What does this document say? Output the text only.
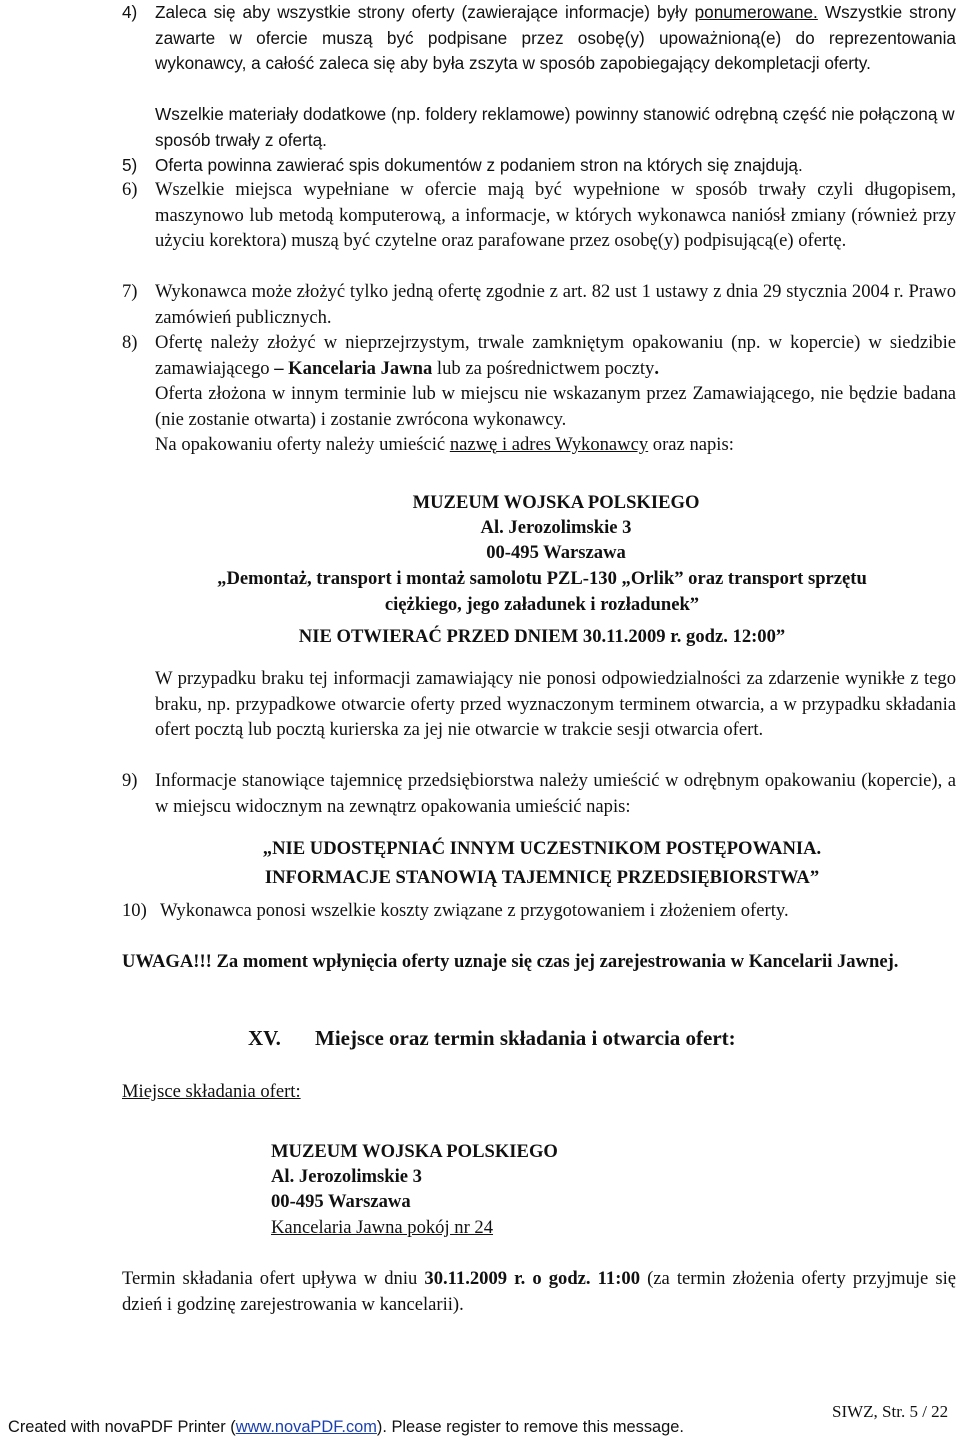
4) Zaleca się aby wszystkie strony oferty (zawierające informacje) były ponumerowane. Wszystkie strony zawarte w ofercie muszą być podpisane przez osobę(y) upoważnioną(e) do reprezentowania wykonawcy, a całość zaleca się aby była zszyta w sposób zapobiegający dekompletacji oferty.
Wszelkie materiały dodatkowe (np. foldery reklamowe) powinny stanowić odrębną część nie połączoną w sposób trwały z ofertą.
5) Oferta powinna zawierać spis dokumentów z podaniem stron na których się znajdują.
6) Wszelkie miejsca wypełniane w ofercie mają być wypełnione w sposób trwały czyli długopisem, maszynowo lub metodą komputerową, a informacje, w których wykonawca naniósł zmiany (również przy użyciu korektora) muszą być czytelne oraz parafowane przez osobę(y) podpisującą(e) ofertę.
7) Wykonawca może złożyć tylko jedną ofertę zgodnie z art. 82 ust 1 ustawy z dnia 29 stycznia 2004 r. Prawo zamówień publicznych.
8) Ofertę należy złożyć w nieprzejrzystym, trwale zamkniętym opakowaniu (np. w kopercie) w siedzibie zamawiającego – Kancelaria Jawna lub za pośrednictwem poczty.
Oferta złożona w innym terminie lub w miejscu nie wskazanym przez Zamawiającego, nie będzie badana (nie zostanie otwarta) i zostanie zwrócona wykonawcy.
Na opakowaniu oferty należy umieścić nazwę i adres Wykonawcy oraz napis:
MUZEUM WOJSKA POLSKIEGO
Al. Jerozolimskie 3
00-495 Warszawa
„Demontaż, transport i montaż samolotu PZL-130 „Orlik” oraz transport sprzętu
ciężkiego, jego załadunek i rozładunek”
NIE OTWIERAĆ PRZED DNIEM 30.11.2009 r. godz. 12:00”
W przypadku braku tej informacji zamawiający nie ponosi odpowiedzialności za zdarzenie wynikłe z tego braku, np. przypadkowe otwarcie oferty przed wyznaczonym terminem otwarcia, a w przypadku składania ofert pocztą lub pocztą kurierska za jej nie otwarcie w trakcie sesji otwarcia ofert.
9) Informacje stanowiące tajemnicę przedsiębiorstwa należy umieścić w odrębnym opakowaniu (kopercie), a w miejscu widocznym na zewnątrz opakowania umieścić napis:
„NIE UDOSTĘPNIAĆ INNYM UCZESTNIKOM POSTĘPOWANIA.
INFORMACJE STANOWIĄ TAJEMNICĘ PRZEDSIĘBIORSTWA”
10) Wykonawca ponosi wszelkie koszty związane z przygotowaniem i złożeniem oferty.
UWAGA!!! Za moment wpłynięcia oferty uznaje się czas jej zarejestrowania w Kancelarii Jawnej.
XV. Miejsce oraz termin składania i otwarcia ofert:
Miejsce składania ofert:
MUZEUM WOJSKA POLSKIEGO
Al. Jerozolimskie 3
00-495 Warszawa
Kancelaria Jawna pokój nr 24
Termin składania ofert upływa w dniu 30.11.2009 r. o godz. 11:00 (za termin złożenia oferty przyjmuje się dzień i godzinę zarejestrowania w kancelarii).
SIWZ, Str. 5 / 22
Created with novaPDF Printer (www.novaPDF.com). Please register to remove this message.
